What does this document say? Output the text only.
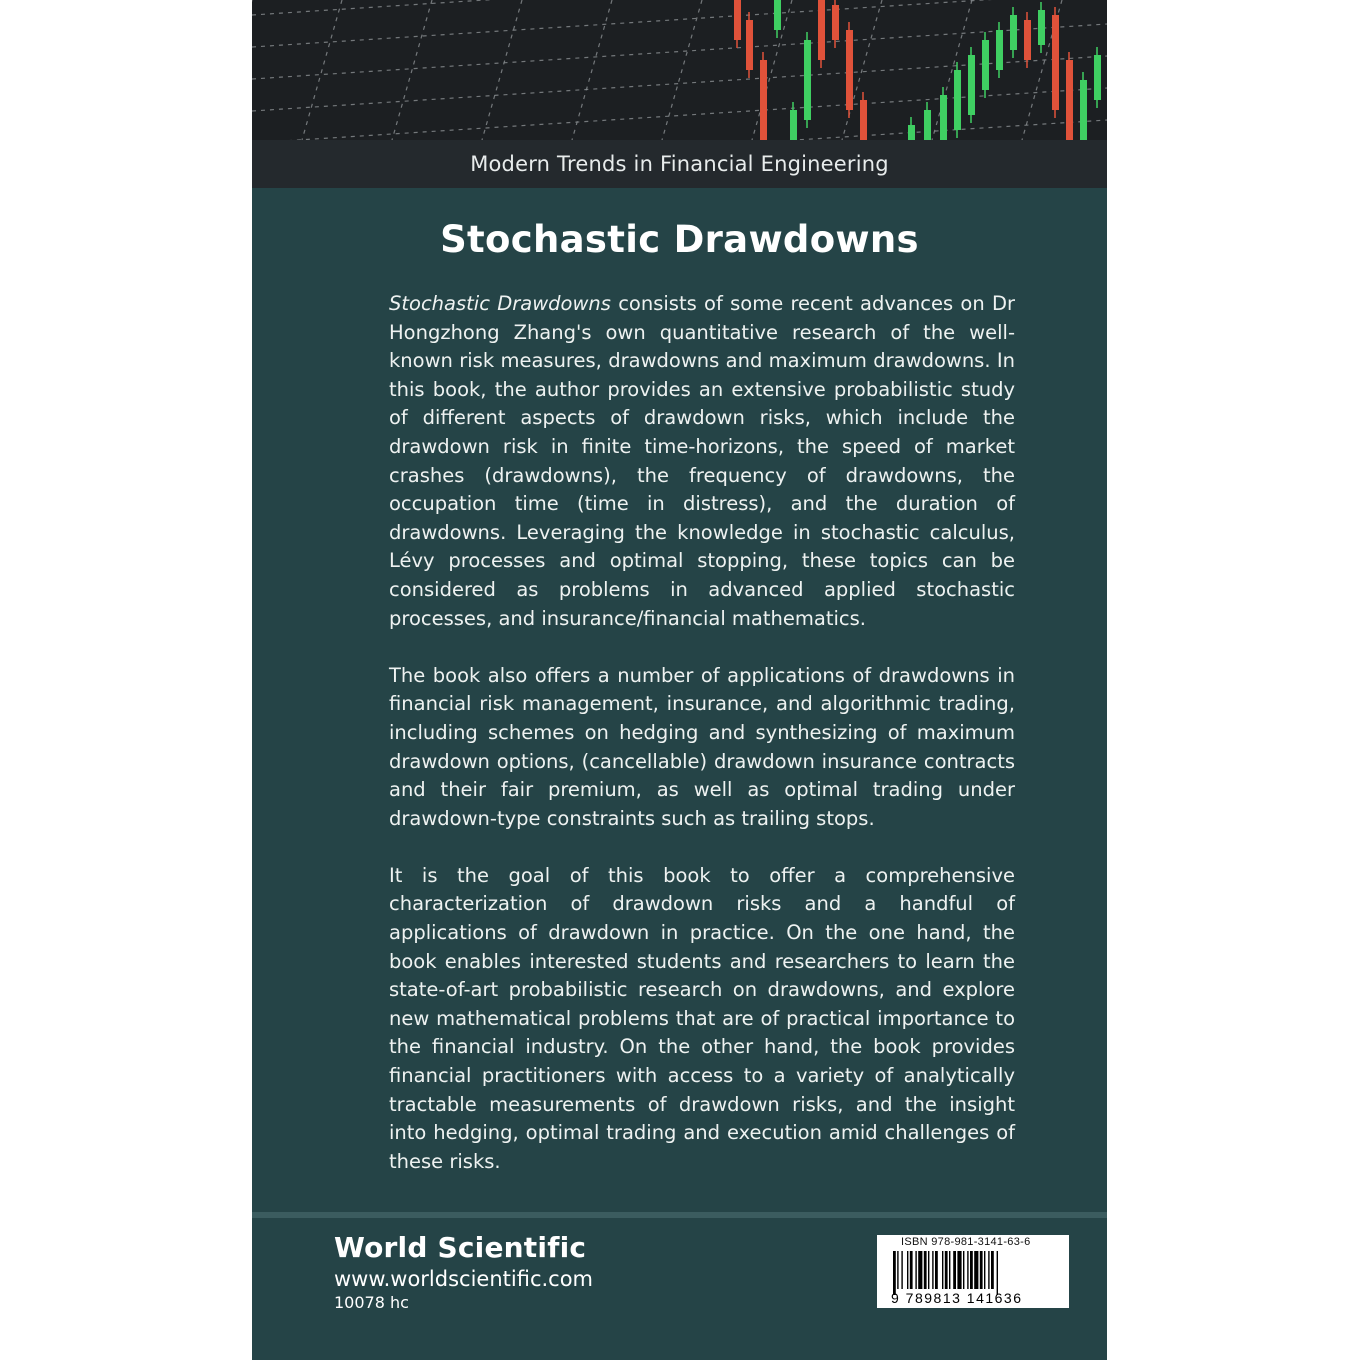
Modern Trends in Financial Engineering
Stochastic Drawdowns

Stochastic Drawdowns consists of some recent advances on Dr Hongzhong Zhang's own quantitative research of the well-known risk measures, drawdowns and maximum drawdowns. In this book, the author provides an extensive probabilistic study of different aspects of drawdown risks, which include the drawdown risk in finite time-horizons, the speed of market crashes (drawdowns), the frequency of drawdowns, the occupation time (time in distress), and the duration of drawdowns. Leveraging the knowledge in stochastic calculus, Lévy processes and optimal stopping, these topics can be considered as problems in advanced applied stochastic processes, and insurance/financial mathematics.

The book also offers a number of applications of drawdowns in financial risk management, insurance, and algorithmic trading, including schemes on hedging and synthesizing of maximum drawdown options, (cancellable) drawdown insurance contracts and their fair premium, as well as optimal trading under drawdown-type constraints such as trailing stops.

It is the goal of this book to offer a comprehensive characterization of drawdown risks and a handful of applications of drawdown in practice. On the one hand, the book enables interested students and researchers to learn the state-of-art probabilistic research on drawdowns, and explore new mathematical problems that are of practical importance to the financial industry. On the other hand, the book provides financial practitioners with access to a variety of analytically tractable measurements of drawdown risks, and the insight into hedging, optimal trading and execution amid challenges of these risks.

World Scientific
www.worldscientific.com
10078 hc
ISBN 978-981-3141-63-6
9 789813 141636
